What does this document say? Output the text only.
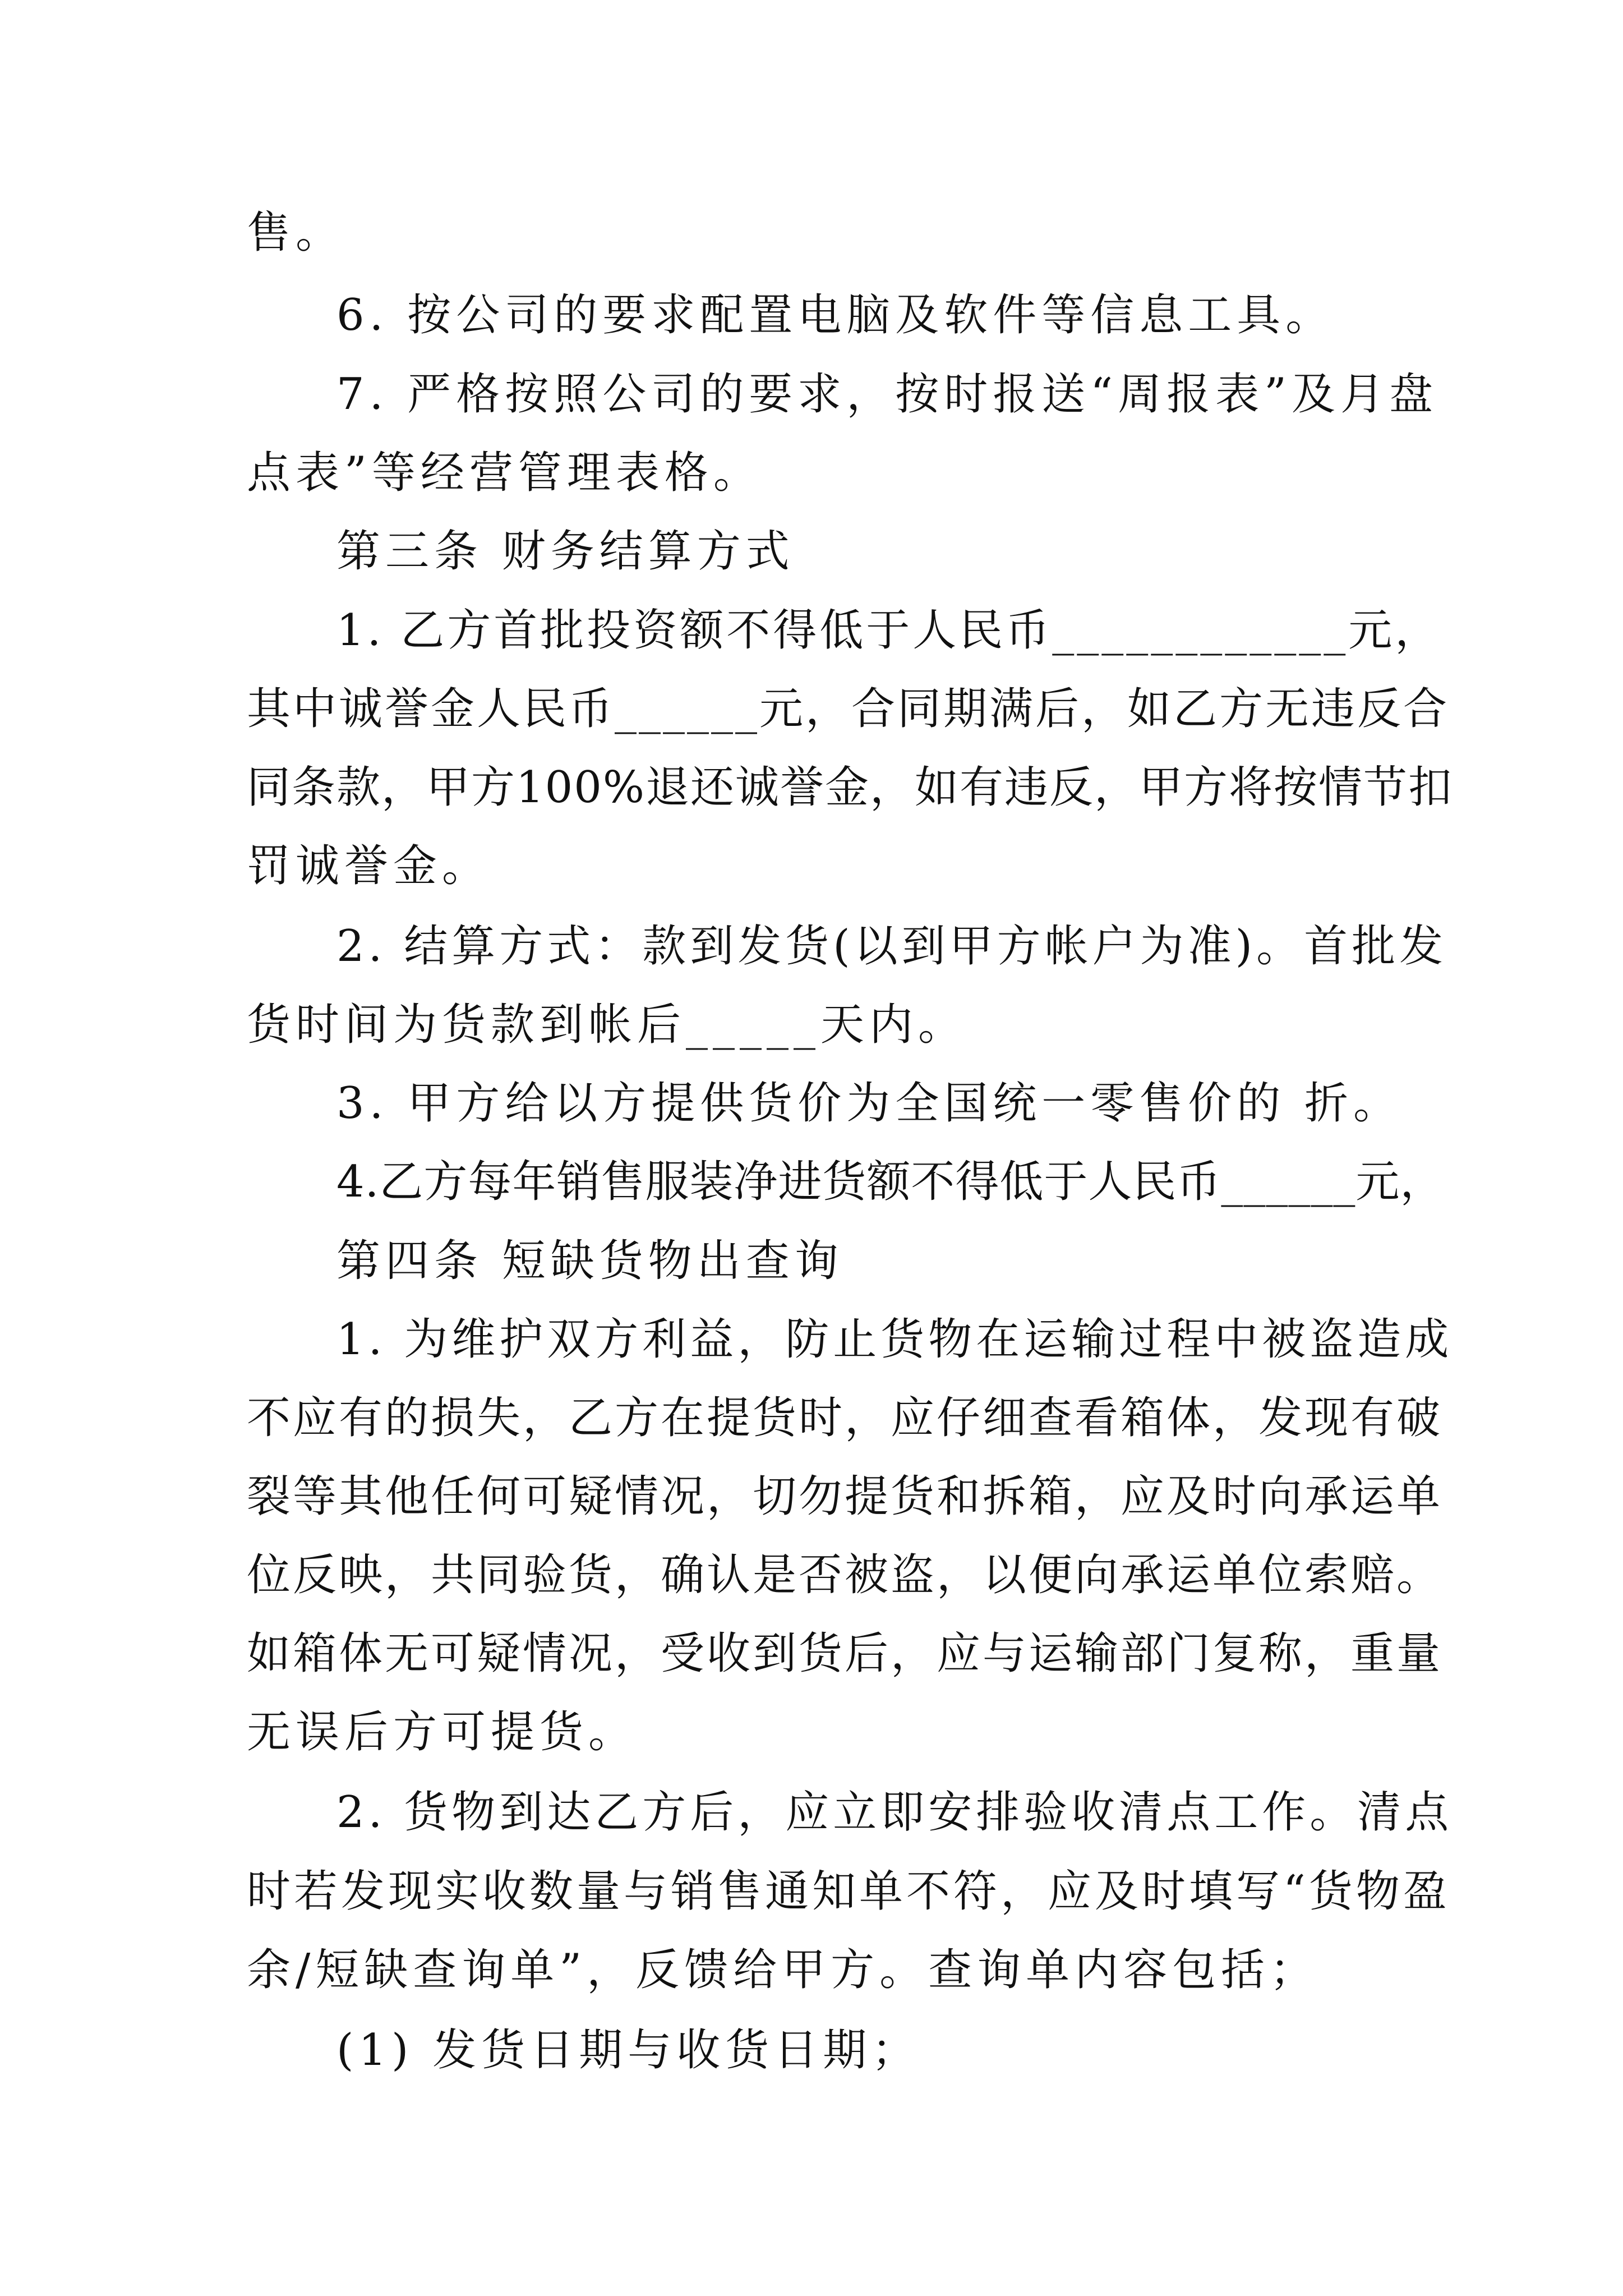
售。
6. 按公司的要求配置电脑及软件等信息工具。
7. 严格按照公司的要求，按时报送“周报表”及月盘
点表”等经营管理表格。
第三条 财务结算方式
1. 乙方首批投资额不得低于人民币____________元，
其中诚誉金人民币______元，合同期满后，如乙方无违反合
同条款，甲方100%退还诚誉金，如有违反，甲方将按情节扣
罚诚誉金。
2. 结算方式：款到发货(以到甲方帐户为准)。首批发
货时间为货款到帐后_____天内。
3. 甲方给以方提供货价为全国统一零售价的 折。
4.乙方每年销售服装净进货额不得低于人民币______元，
第四条 短缺货物出查询
1. 为维护双方利益，防止货物在运输过程中被盗造成
不应有的损失，乙方在提货时，应仔细查看箱体，发现有破
裂等其他任何可疑情况，切勿提货和拆箱，应及时向承运单
位反映，共同验货，确认是否被盗，以便向承运单位索赔。
如箱体无可疑情况，受收到货后，应与运输部门复称，重量
无误后方可提货。
2. 货物到达乙方后，应立即安排验收清点工作。清点
时若发现实收数量与销售通知单不符，应及时填写“货物盈
余/短缺查询单”，反馈给甲方。查询单内容包括；
(1) 发货日期与收货日期；
